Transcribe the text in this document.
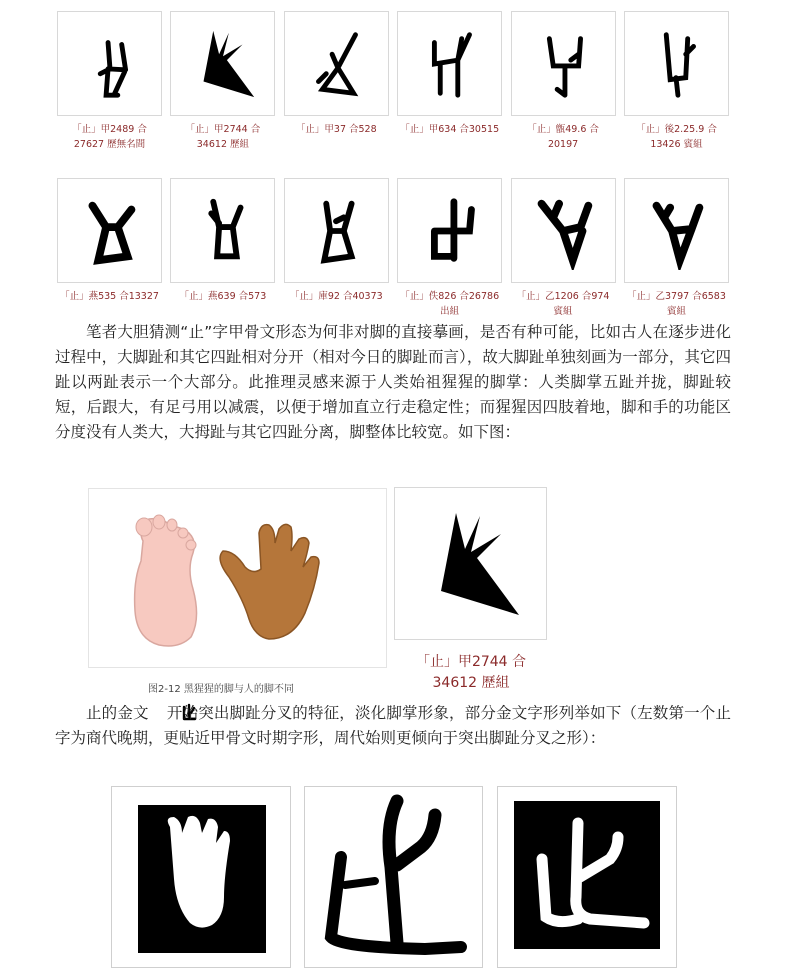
「止」甲2489 合27627 歷無名間
「止」甲2744 合34612 歷組
「止」甲37 合528	「止」甲634 合30515	「止」甑49.6 合20197
「止」後2.25.9 合13426 賓組
「止」燕535 合13327	「止」燕639 合573	「止」庫92 合40373	「止」佚826 合26786 出組
「止」乙1206 合974 賓組
「止」乙3797 合6583 賓組

笔者大胆猜测“止”字甲骨文形态为何非对脚的直接摹画，是否有种可能，比如古人在逐步进化过程中，大脚趾和其它四趾相对分开（相对今日的脚趾而言），故大脚趾单独刻画为一部分，其它四趾以两趾表示一个大部分。此推理灵感来源于人类始祖猩猩的脚掌：人类脚掌五趾并拢，脚趾较短，后跟大，有足弓用以减震，以便于增加直立行走稳定性；而猩猩因四肢着地，脚和手的功能区分度没有人类大，大拇趾与其它四趾分离，脚整体比较宽。如下图：

图2-12 黑猩猩的脚与人的脚不同
「止」甲2744 合34612 歷組

止的金文 开始突出脚趾分叉的特征，淡化脚掌形象，部分金文字形列举如下（左数第一个止字为商代晚期，更贴近甲骨文时期字形，周代始则更倾向于突出脚趾分叉之形）：
